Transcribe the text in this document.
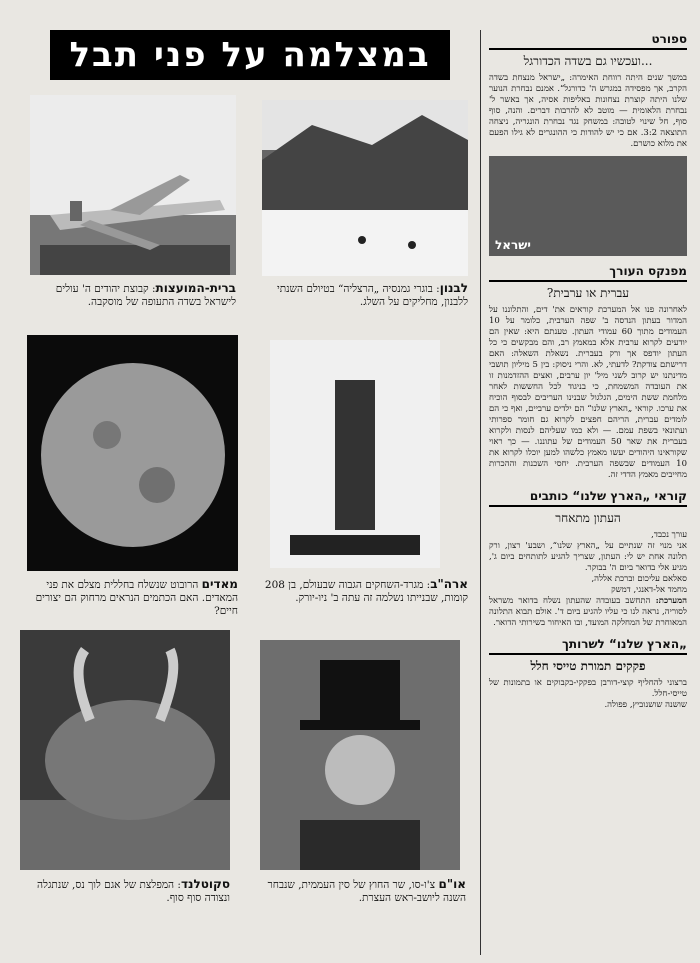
במצלמה על פני תבל
ברית-המועצות: קבוצת יהודים ה' עולים לישראל בשדה התעופה של מוסקבה.
לבנון: בוגרי גמנסיה „הרצליה“ בטיולם השנתי ללבנון, מחליקים על השלג.
מאדים הרובוט שנשלח בחללית מצלם את פני המאדים. האם הכתמים הנראים מרחוק הם יצורים חיים?
ארה"ב: מגרד-השחקים הגבוה שבעולם, בן 208 קומות, שבנייתו נשלמה זה עתה ב' ניו-יורק.
סקוטלנד: המפלצת של אגם לוך נס, שנתגלה ונצודה סוף סוף.
או"ם צ'ו-סו, שר החוץ של סין העממית, שנבחר השנה ליושב-ראש העצרת.
ספורט
...ועכשיו גם בשדה הכדורגל
במשך שנים היתה רווחת האימרה: „ישראל מנצחת בשדה הקרב, אך מפסידה במגרש ה' כדורגל“. אמנם נבחרת הנוער שלנו היתה קוצרת נצחונות באליפות אסיה, אך באשר ל' נבחרת הלאומית — מוטב לא להרבות דברים. והנה, סוף סוף, חל שינוי לטובה: במשחק נגד נבחרת הונגריה, ניצחה התוצאה 3:2. אם כי יש להודות כי ההונגרים לא גילו הפעם את מלוא כושרם.
ישראל
מפנקס העורך
עברית או ערבית?
לאחרונה פנו אל המערכת קוראים את' דים, והתלוננו על המדור בעתון הנדסה ב' שפה הערבית, כלומר על 10 העמודים מתוך 60 עמודי העתון. טענתם היא: שאין הם יודעים לקרוא ערבית אלא במאמץ רב, והם מבקשים כי כל העתון יודפס אך ורק בעברית. נשאלת השאלה: האם דרישתם צודקת? לדעתי, לא. והרי ניסוק: בין 5 מיליון תושבי מדינתנו יש קרוב לשני מיל' יון ערבים, ואצים ההזדמנות זו את העובדה המשמחת, כי בניגוד לכל החששות לאחר מלחמת ששת הימים, הגלגול שבנינו העריבים לבסוף הוכיח את ערכו. קוראי „הארץ שלנו“ הם ילדים ערביים, ואף כי הם לומדים עברית, הריהם חפצים לקרוא גם חומר ספרותי ועתונאי בשפת עמם. — ולא כמו שעליהם לנסות ולקרוא בעברית את שאר 50 העמודים של עתוננו. — כך ראוי שקוראינו היהודים יעשו מאמץ כלשהו למען יוכלו לקרוא את 10 העמודים שבשפה הערבית. יחסי השכנות וההכרות מחייבים מאמץ הדדי זה.
קוראי „הארץ שלנו“ כותבים
העתון מתאחר
עורך נכבד,
אני מנוי זה שנתיים על „הארץ שלנו“, ושבע' רצון, ורק תלונה אחת יש לי: העתון, שצריך להגיע לתותחים ביום ג', מגיע אלי בדואר ביום ה' בבוקר.
סאלאם עליכום וברכת אללה,
מחמד אל-דאנגי, דמשק
המערכת: התחשב בעובדה שהעתון נשלח בדואר משראל לסוריה, נראה לנו כי עליו להגיע ביום ד'. אולם תבוא התלונה המאוחרת של המחלקה המועד, ובו האיחור בשירותי הדואר.
„הארץ שלנו“ לשרותך
פקקים תמורת טייסי חלל
ברצוני להחליף קוצי-דורבן בפקקי-בקבוקים או בתמונות של טייסי-חלל.
שושנה שושנוביץ, פפולה.
